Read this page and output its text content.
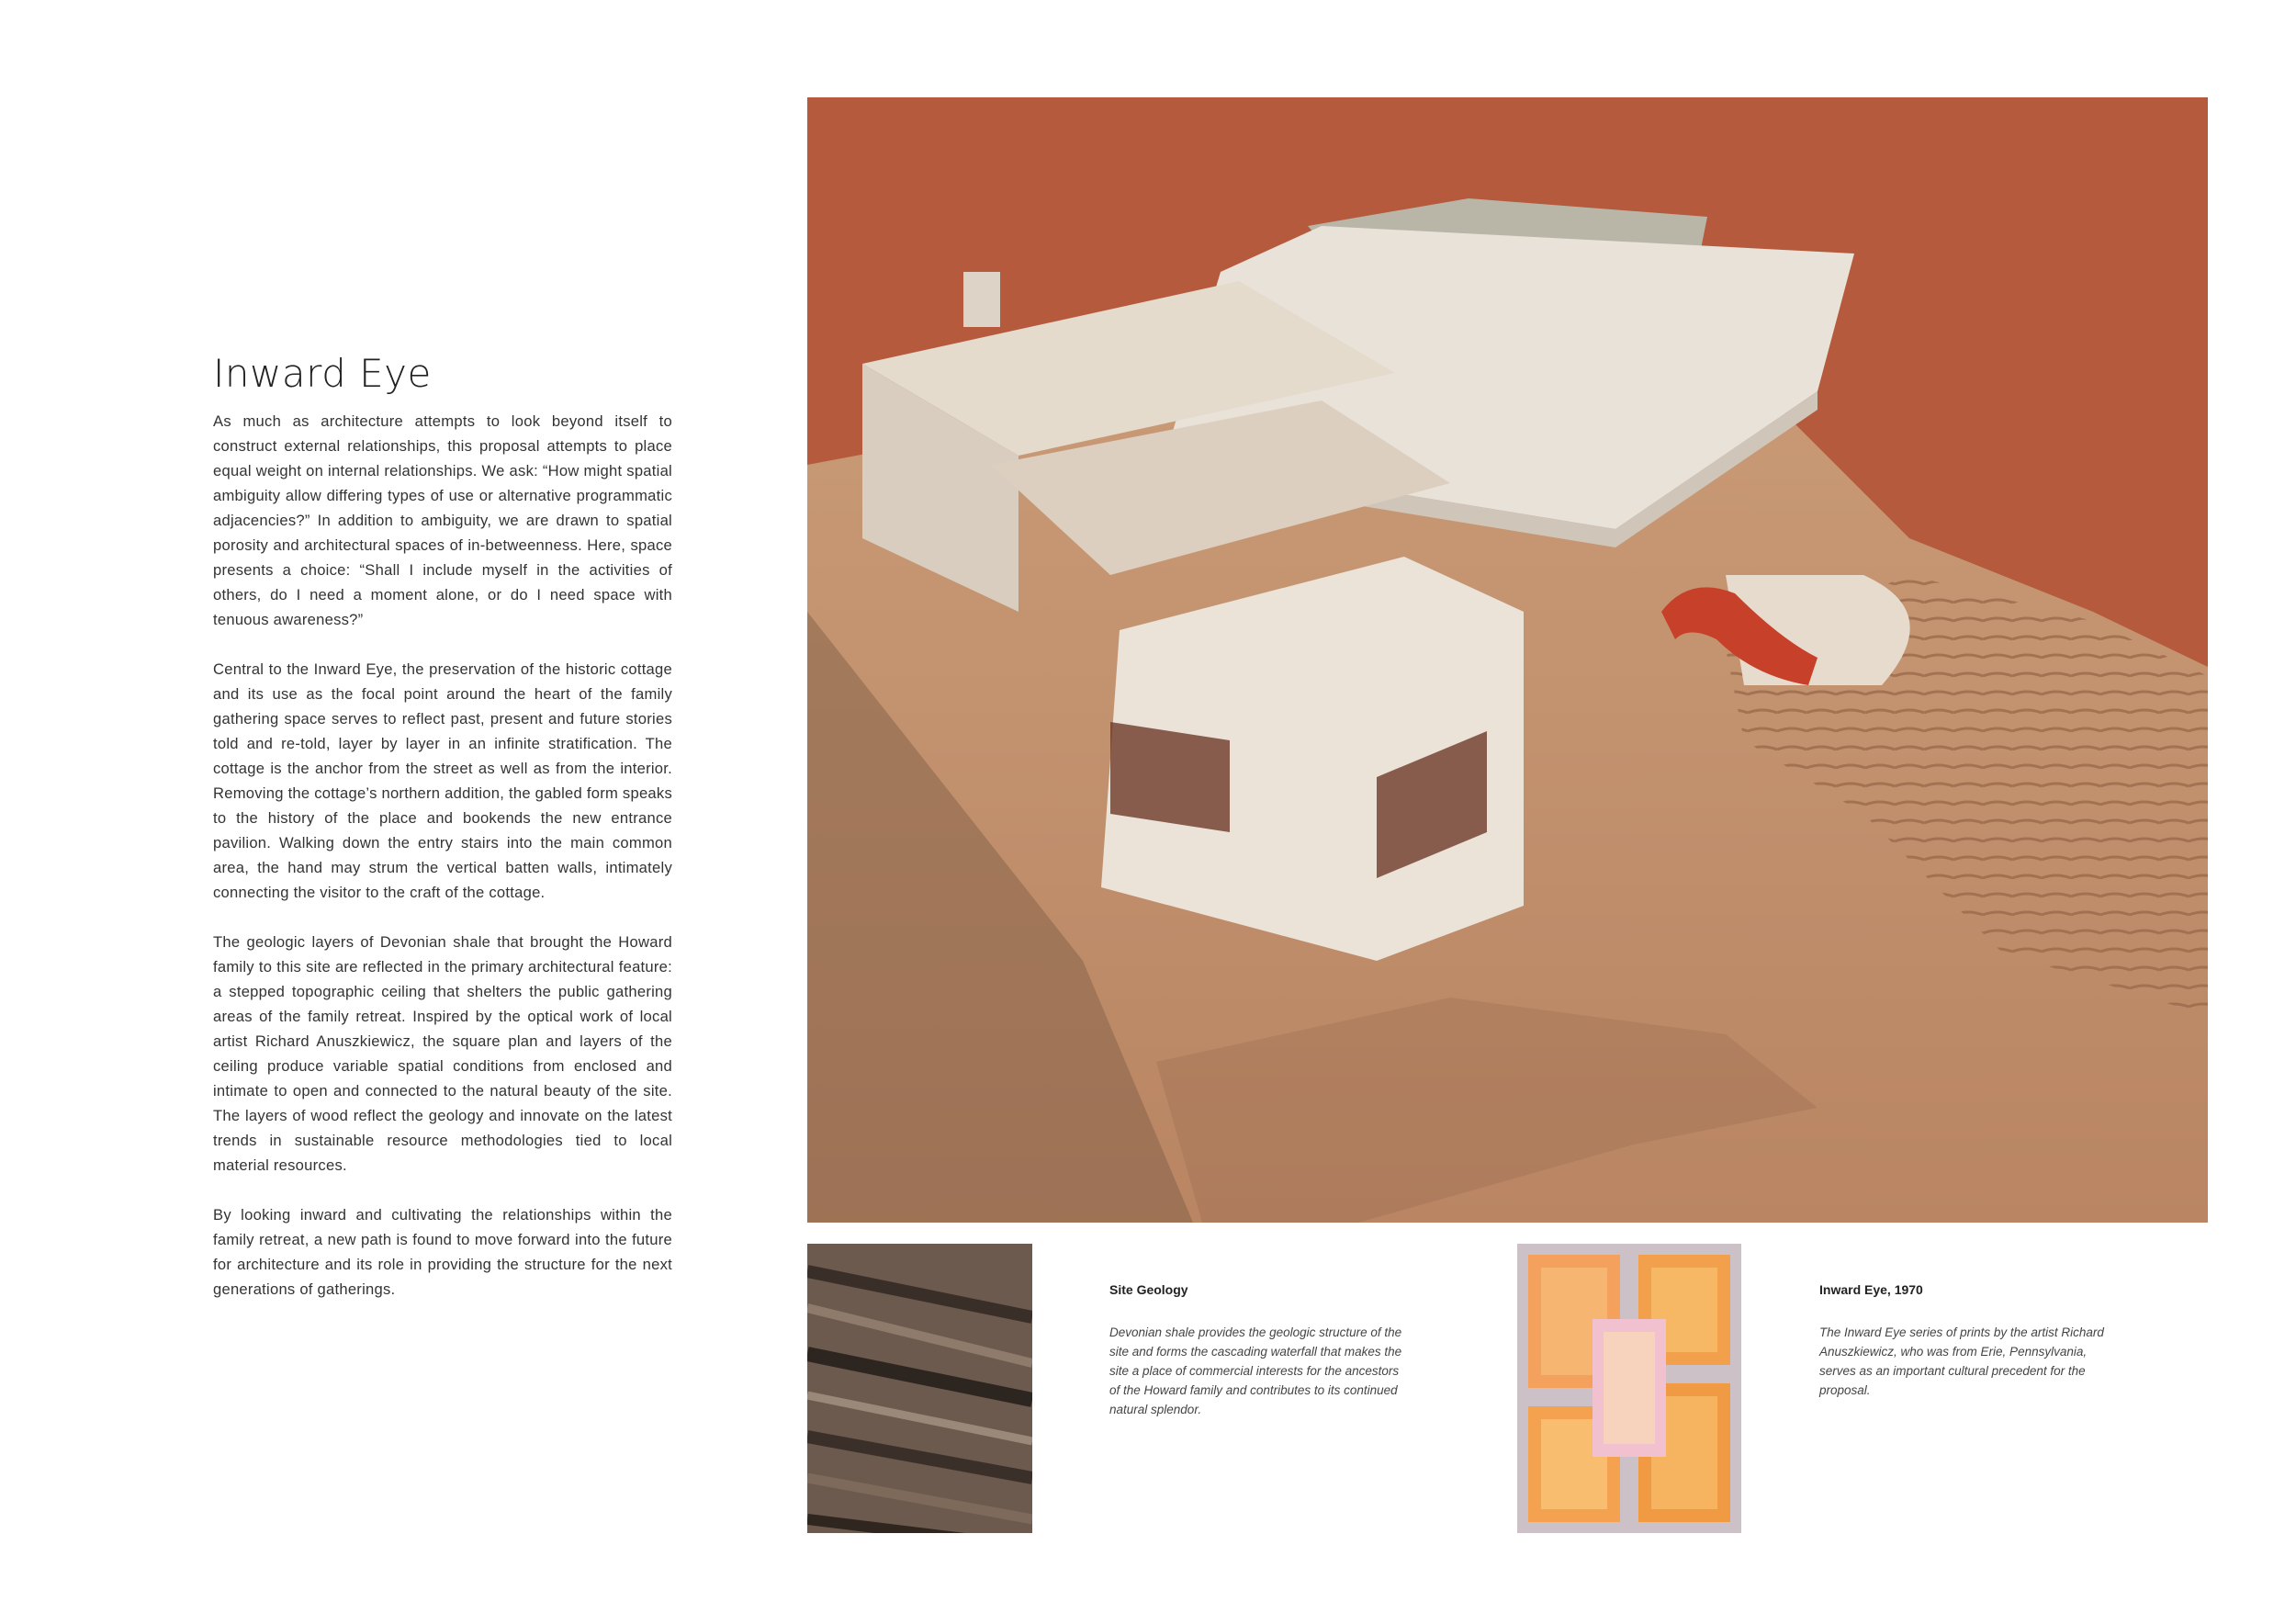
Inward Eye

As much as architecture attempts to look beyond itself to construct external relationships, this proposal attempts to place equal weight on internal relationships. We ask: “How might spatial ambiguity allow differing types of use or alternative programmatic adjacencies?” In addition to ambiguity, we are drawn to spatial porosity and architectural spaces of in-betweenness. Here, space presents a choice: “Shall I include myself in the activities of others, do I need a moment alone, or do I need space with tenuous awareness?”

Central to the Inward Eye, the preservation of the historic cottage and its use as the focal point around the heart of the family gathering space serves to reflect past, present and future stories told and re-told, layer by layer in an infinite stratification. The cottage is the anchor from the street as well as from the interior. Removing the cottage’s northern addition, the gabled form speaks to the history of the place and bookends the new entrance pavilion. Walking down the entry stairs into the main common area, the hand may strum the vertical batten walls, intimately connecting the visitor to the craft of the cottage.

The geologic layers of Devonian shale that brought the Howard family to this site are reflected in the primary architectural feature: a stepped topographic ceiling that shelters the public gathering areas of the family retreat. Inspired by the optical work of local artist Richard Anuszkiewicz, the square plan and layers of the ceiling produce variable spatial conditions from enclosed and intimate to open and connected to the natural beauty of the site. The layers of wood reflect the geology and innovate on the latest trends in sustainable resource methodologies tied to local material resources.

By looking inward and cultivating the relationships within the family retreat, a new path is found to move forward into the future for architecture and its role in providing the structure for the next generations of gatherings.	Site Geology

Devonian shale provides the geologic structure of the site and forms the cascading waterfall that makes the site a place of commercial interests for the ancestors of the Howard family and contributes to its continued natural splendor.

Inward Eye, 1970

The Inward Eye series of prints by the artist Richard Anuszkiewicz, who was from Erie, Pennsylvania, serves as an important cultural precedent for the proposal.
